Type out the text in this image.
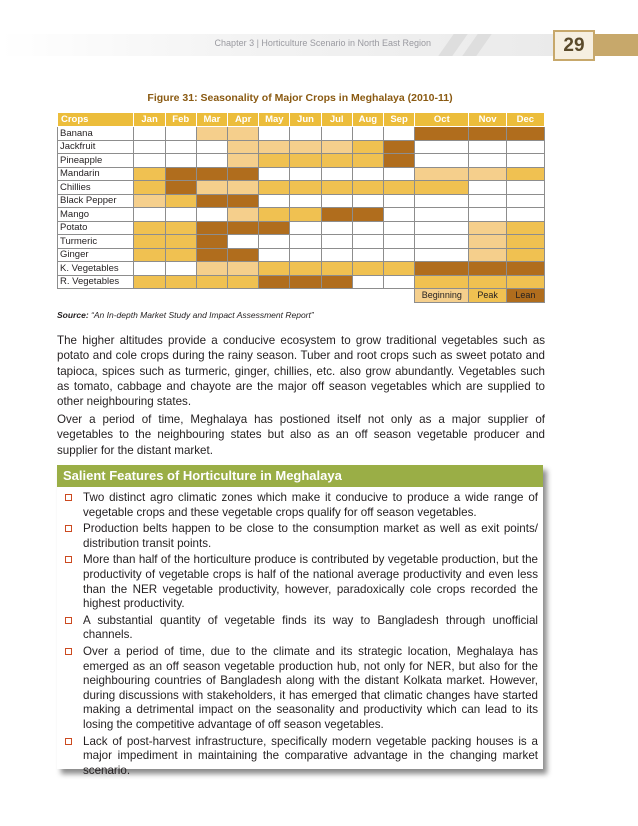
Chapter 3 | Horticulture Scenario in North East Region	29
Figure 31: Seasonality of Major Crops in Meghalaya (2010-11)
Crops	Jan	Feb	Mar	Apr	May	Jun	Jul	Aug	Sep	Oct	Nov	Dec
Banana												
Jackfruit												
Pineapple												
Mandarin												
Chillies												
Black Pepper												
Mango												
Potato												
Turmeric												
Ginger												
K. Vegetables												
R. Vegetables												
										Beginning	Peak	Lean
Source: “An In-depth Market Study and Impact Assessment Report”

The higher altitudes provide a conducive ecosystem to grow traditional vegetables such as potato and cole crops during the rainy season. Tuber and root crops such as sweet potato and tapioca, spices such as turmeric, ginger, chillies, etc. also grow abundantly. Vegetables such as tomato, cabbage and chayote are the major off season vegetables which are supplied to other neighbouring states.

Over a period of time, Meghalaya has postioned itself not only as a major supplier of vegetables to the neighbouring states but also as an off season vegetable producer and supplier for the distant market.

Salient Features of Horticulture in Meghalaya
Two distinct agro climatic zones which make it conducive to produce a wide range of vegetable crops and these vegetable crops qualify for off season vegetables.
Production belts happen to be close to the consumption market as well as exit points/ distribution transit points.
More than half of the horticulture produce is contributed by vegetable production, but the productivity of vegetable crops is half of the national average productivity and even less than the NER vegetable productivity, however, paradoxically cole crops recorded the highest productivity.
A substantial quantity of vegetable finds its way to Bangladesh through unofficial channels.
Over a period of time, due to the climate and its strategic location, Meghalaya has emerged as an off season vegetable production hub, not only for NER, but also for the neighbouring countries of Bangladesh along with the distant Kolkata market. However, during discussions with stakeholders, it has emerged that climatic changes have started making a detrimental impact on the seasonality and productivity which can lead to its losing the competitive advantage of off season vegetables.
Lack of post-harvest infrastructure, specifically modern vegetable packing houses is a major impediment in maintaining the comparative advantage in the changing market scenario.
